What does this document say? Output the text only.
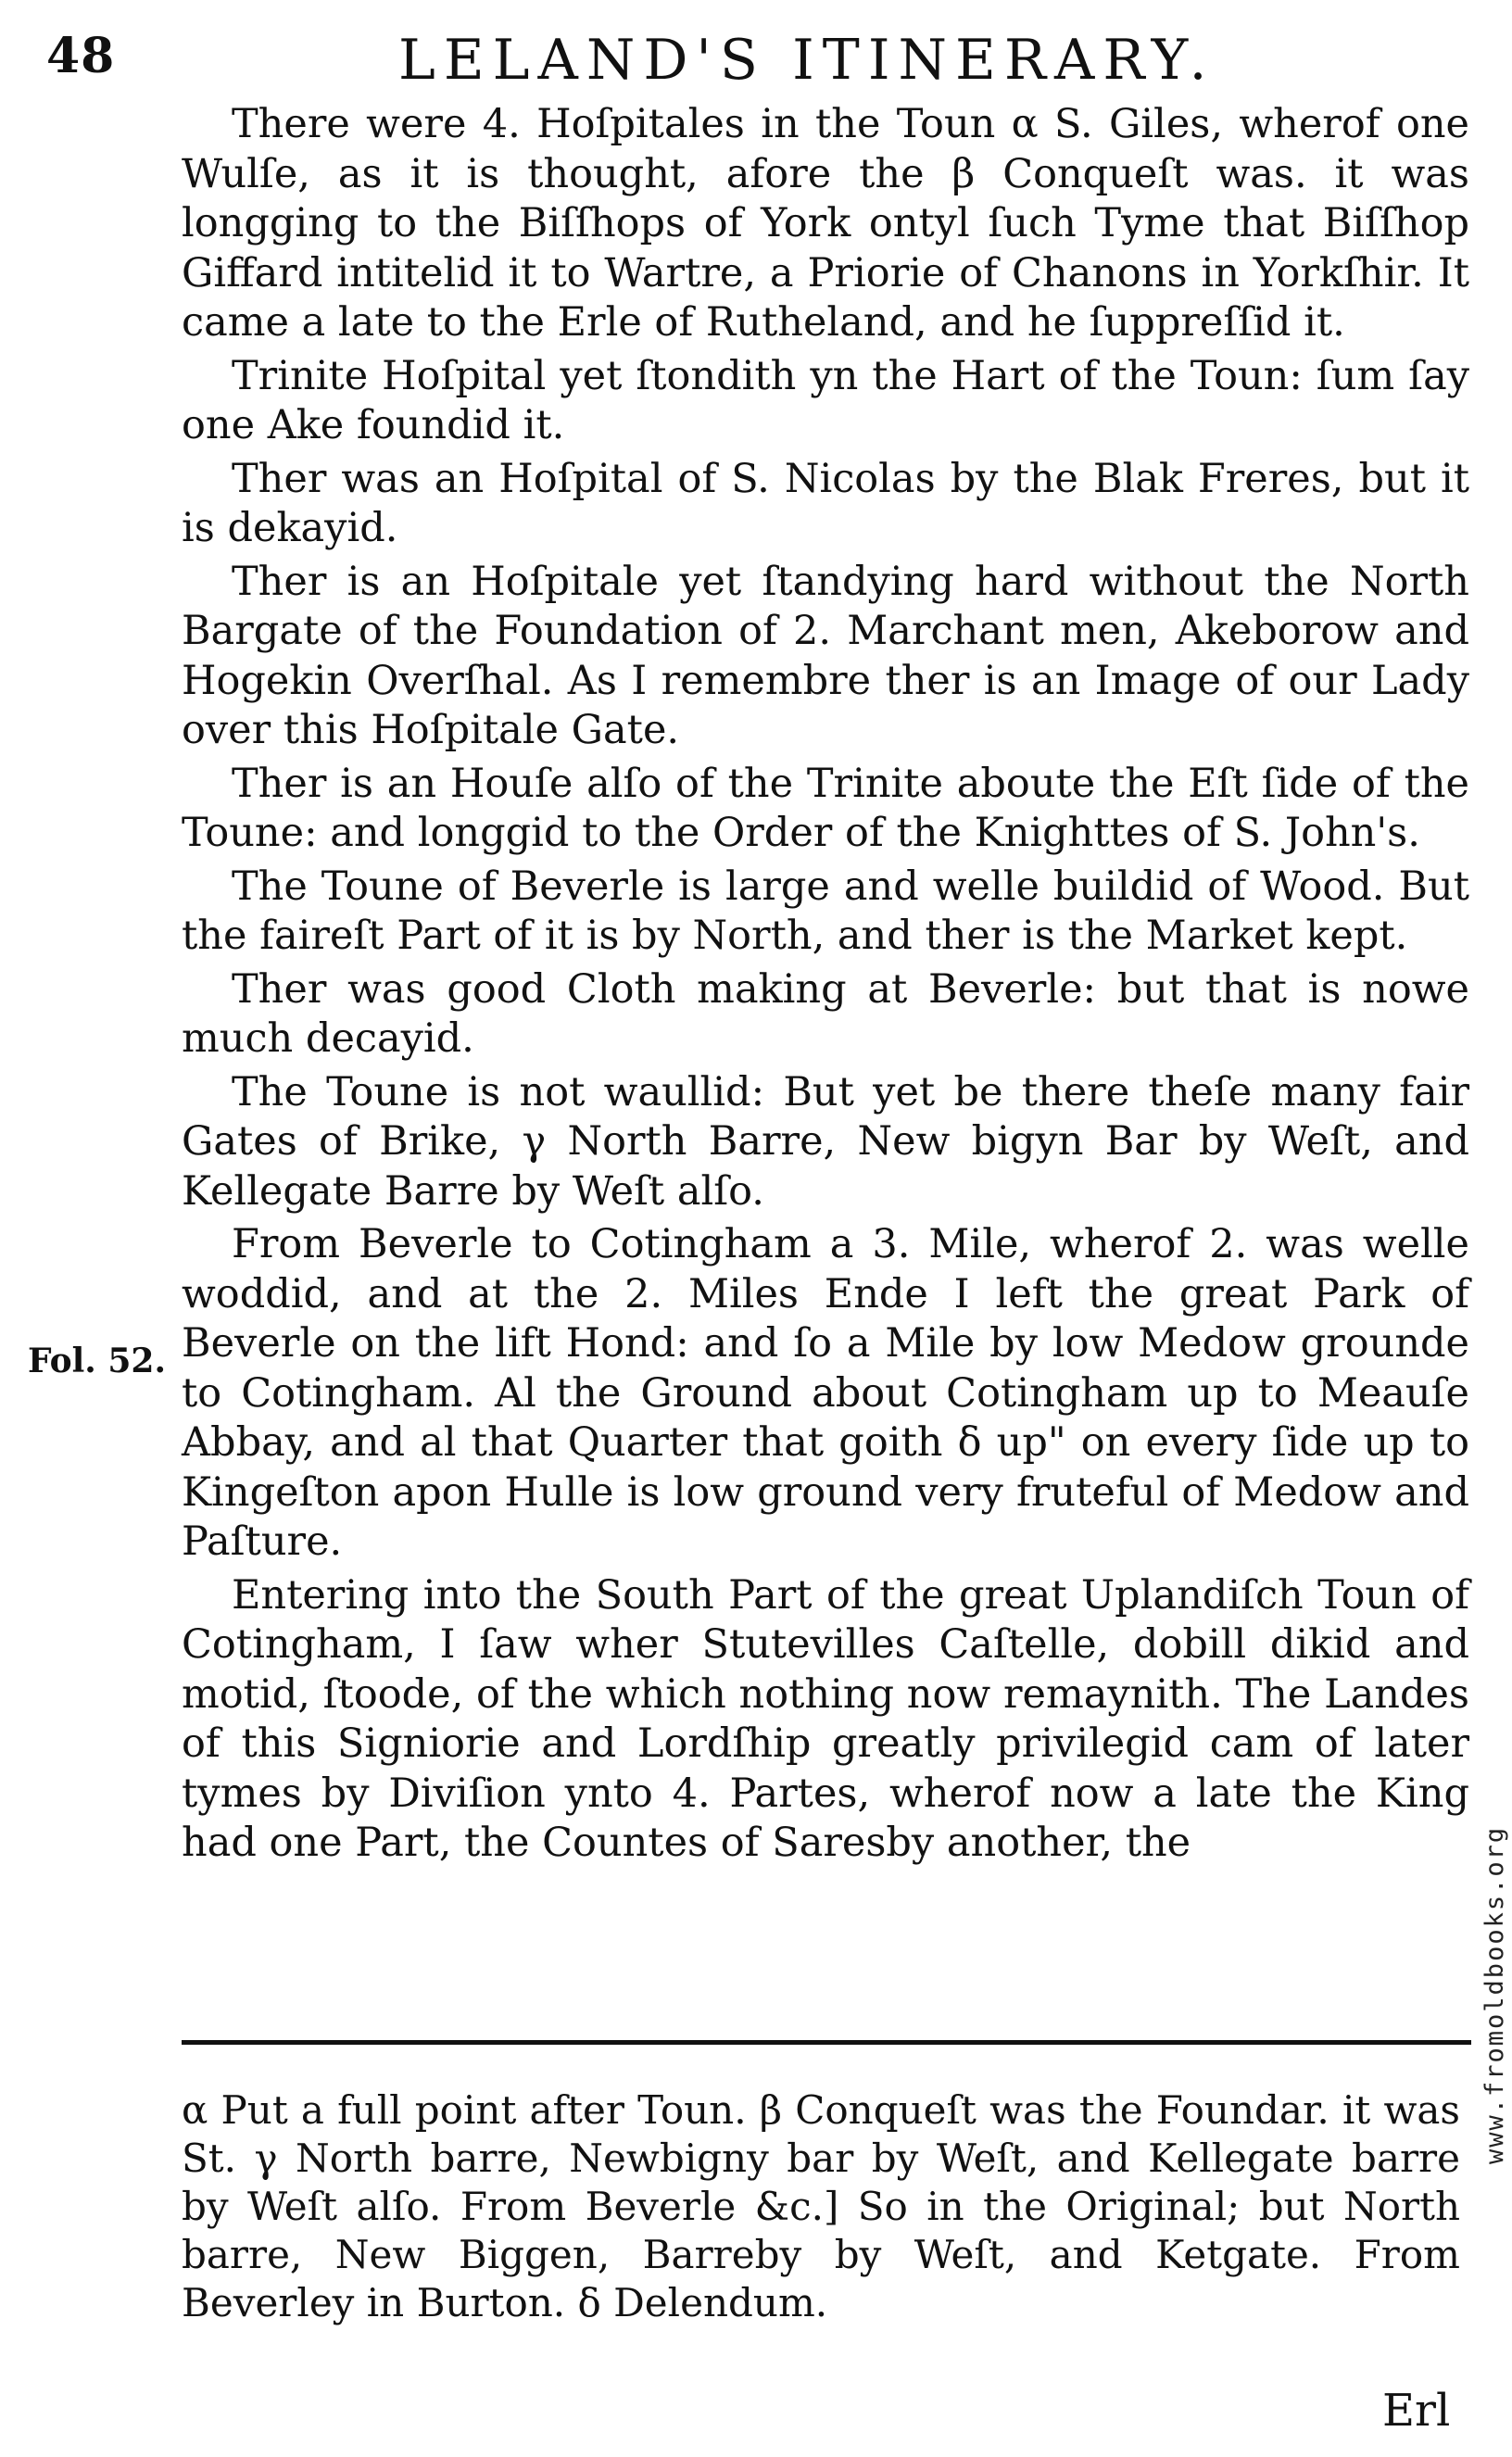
48	LELAND'S ITINERARY.

There were 4. Hoſpitales in the Toun α S. Giles, wherof one Wulſe, as it is thought, afore the β Conqueſt was. it was longging to the Biſſhops of York ontyl ſuch Tyme that Biſſhop Giffard intitelid it to Wartre, a Priorie of Chanons in Yorkſhir. It came a late to the Erle of Rutheland, and he ſuppreſſid it.

Trinite Hoſpital yet ſtondith yn the Hart of the Toun: ſum ſay one Ake foundid it.

Ther was an Hoſpital of S. Nicolas by the Blak Freres, but it is dekayid.

Ther is an Hoſpitale yet ſtandying hard without the North Bargate of the Foundation of 2. Marchant men, Akeborow and Hogekin Overſhal. As I remembre ther is an Image of our Lady over this Hoſpitale Gate.

Ther is an Houſe alſo of the Trinite aboute the Eſt ſide of the Toune: and longgid to the Order of the Knighttes of S. John's.

The Toune of Beverle is large and welle buildid of Wood. But the faireſt Part of it is by North, and ther is the Market kept.

Ther was good Cloth making at Beverle: but that is nowe much decayid.

The Toune is not waullid: But yet be there theſe many fair Gates of Brike, γ North Barre, New bigyn Bar by Weſt, and Kellegate Barre by Weſt alſo.

From Beverle to Cotingham a 3. Mile, wherof 2. was welle woddid, and at the 2. Miles Ende I left the great Park of Beverle on the lift Hond: and ſo a Mile by low Medow grounde to Cotingham. Al the Ground about Cotingham up to Meauſe Abbay, and al that Quarter that goith δ up" on every ſide up to Kingeſton apon Hulle is low ground very fruteful of Medow and Paſture.

Entering into the South Part of the great Uplandiſch Toun of Cotingham, I ſaw wher Stutevilles Caſtelle, dobill dikid and motid, ſtoode, of the which nothing now remaynith. The Landes of this Signiorie and Lordſhip greatly privilegid cam of later tymes by Diviſion ynto 4. Partes, wherof now a late the King had one Part, the Countes of Saresby another, the

Fol. 52.
α Put a full point after Toun. β Conqueſt was the Foundar. it was St. γ North barre, Newbigny bar by Weſt, and Kellegate barre by Weſt alſo. From Beverle &c.] So in the Original; but North barre, New Biggen, Barreby by Weſt, and Ketgate. From Beverley in Burton. δ Delendum.
Erl
www.fromoldbooks.org
